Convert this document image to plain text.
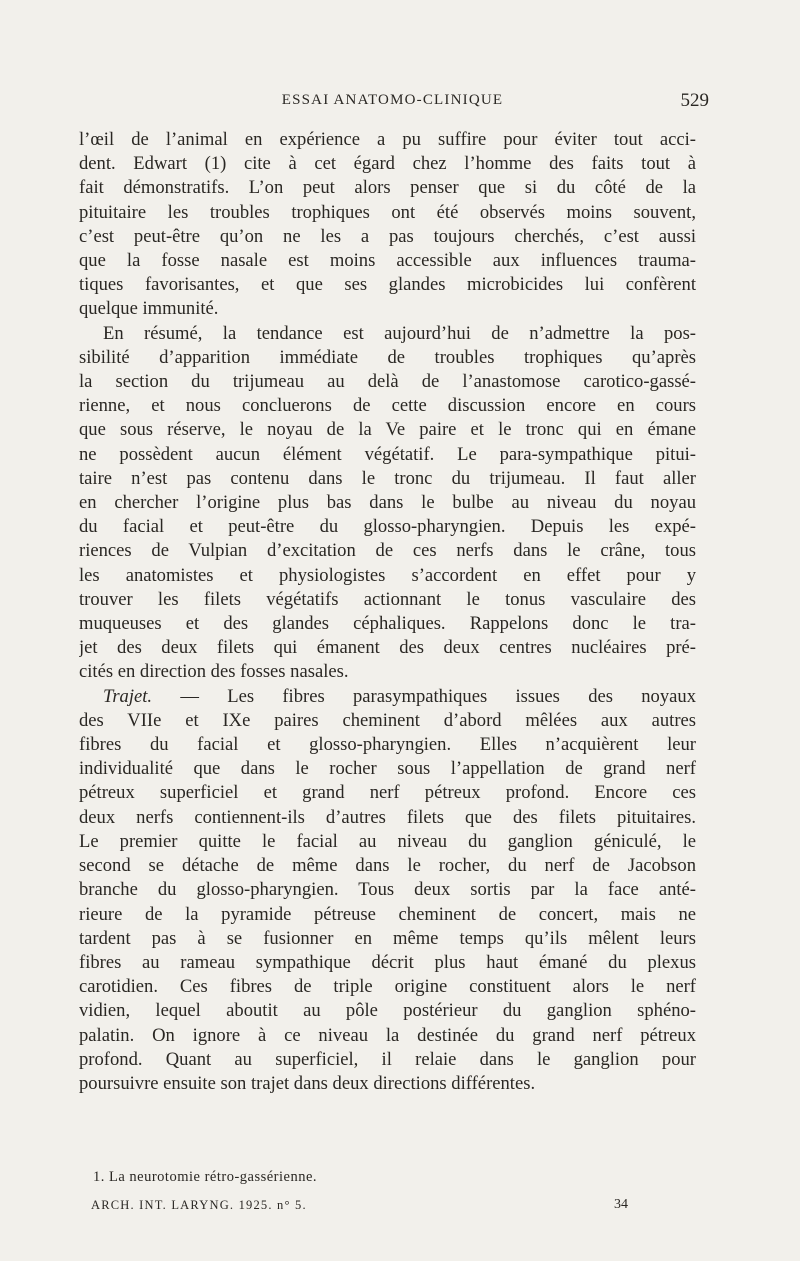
ESSAI ANATOMO-CLINIQUE	529
l’œil de l’animal en expérience a pu suffire pour éviter tout acci-
dent. Edwart (1) cite à cet égard chez l’homme des faits tout à
fait démonstratifs. L’on peut alors penser que si du côté de la
pituitaire les troubles trophiques ont été observés moins souvent,
c’est peut-être qu’on ne les a pas toujours cherchés, c’est aussi
que la fosse nasale est moins accessible aux influences trauma-
tiques favorisantes, et que ses glandes microbicides lui confèrent
quelque immunité.
En résumé, la tendance est aujourd’hui de n’admettre la pos-
sibilité d’apparition immédiate de troubles trophiques qu’après
la section du trijumeau au delà de l’anastomose carotico-gassé-
rienne, et nous concluerons de cette discussion encore en cours
que sous réserve, le noyau de la Ve paire et le tronc qui en émane
ne possèdent aucun élément végétatif. Le para-sympathique pitui-
taire n’est pas contenu dans le tronc du trijumeau. Il faut aller
en chercher l’origine plus bas dans le bulbe au niveau du noyau
du facial et peut-être du glosso-pharyngien. Depuis les expé-
riences de Vulpian d’excitation de ces nerfs dans le crâne, tous
les anatomistes et physiologistes s’accordent en effet pour y
trouver les filets végétatifs actionnant le tonus vasculaire des
muqueuses et des glandes céphaliques. Rappelons donc le tra-
jet des deux filets qui émanent des deux centres nucléaires pré-
cités en direction des fosses nasales.
Trajet. — Les fibres parasympathiques issues des noyaux
des VIIe et IXe paires cheminent d’abord mêlées aux autres
fibres du facial et glosso-pharyngien. Elles n’acquièrent leur
individualité que dans le rocher sous l’appellation de grand nerf
pétreux superficiel et grand nerf pétreux profond. Encore ces
deux nerfs contiennent-ils d’autres filets que des filets pituitaires.
Le premier quitte le facial au niveau du ganglion géniculé, le
second se détache de même dans le rocher, du nerf de Jacobson
branche du glosso-pharyngien. Tous deux sortis par la face anté-
rieure de la pyramide pétreuse cheminent de concert, mais ne
tardent pas à se fusionner en même temps qu’ils mêlent leurs
fibres au rameau sympathique décrit plus haut émané du plexus
carotidien. Ces fibres de triple origine constituent alors le nerf
vidien, lequel aboutit au pôle postérieur du ganglion sphéno-
palatin. On ignore à ce niveau la destinée du grand nerf pétreux
profond. Quant au superficiel, il relaie dans le ganglion pour
poursuivre ensuite son trajet dans deux directions différentes.
1. La neurotomie rétro-gassérienne.
ARCH. INT. LARYNG. 1925. n° 5.	34
